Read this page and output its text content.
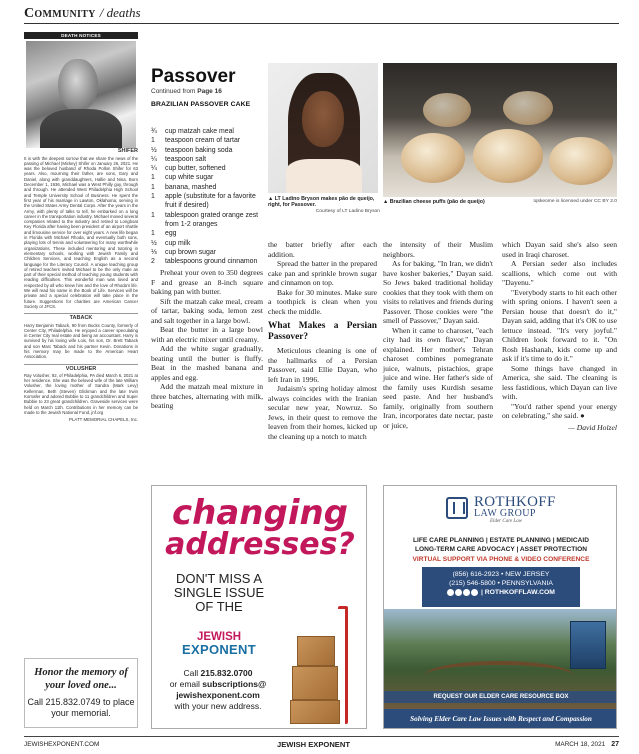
Community / deaths
DEATH NOTICES
SHIFER
It is with the deepest sorrow that we share the news of the passing of Michael (Mickey) Shifer on January 26, 2021. He was the beloved husband of Rhoda Pollon Shifer for 63 years. Also, mourning their father, are sons, Gary and Daniel, along with granddaughters, Hallie and Nina. Born December 1, 1936, Michael was a West Philly guy, through and through. He attended West Philadelphia High School and Temple University School of Business. He spent the first year of his marriage in Lawton, Oklahoma, serving in the United States Army Dental Corps. After the years in the Army, with plenty of talks to tell, he embarked on a long career in the transportation industry. Michael moved several companies related to the industry and retired to Longboat Key Florida after having been president of an airport shuttle and limousine service for over eight years. A new life began in Florida with Michael Rhoda, and eventually both sons, playing lots of tennis and volunteering for many worthwhile organizations. These included mentoring and tutoring in elementary schools, working with Jewish Family and Children Services, and teaching English as a second language for the Literacy Council. A unique teaching group of retired teachers invited Michael to be the only male as part of their special method of teaching young students with reading difficulties. This wonderful man was loved and respected by all who knew him and the love of Rhoda's life. We will read his name in the Book of Life. Services will be private and a special celebration will take place in the future. Suggestions for charities are American Cancer Society or JFCS.
TABACK
Harry Benjamin Taback, 90 from Bucks County, formerly of Center City, Philadelphia. He enjoyed a career speculating in Center City real estate and being an accountant. Harry is survived by his loving wife Lois, his son, Dr. Brett Taback and son Marc Taback and his partner Kevin. Donations in his memory may be made to the American Heart Association.
VOLUSHER
Ray Volusher, 92, of Philadelphia, PA died March 6, 2021 at her residence. She was the beloved wife of the late William Volusher, the loving mother of Sandra (Mark Levy) Kellerman, Beth (Steven) Glickman and the late Irwin Kornafer and adored Bubbie to 11 grandchildren and Super Bubbie to 23 great grandchildren. Graveside services were held on March 11th. Contributions in her memory can be made to the Jewish National Fund, jnf.org
PLATT MEMORIAL CHAPELS, Inc.
Honor the memory of your loved one...
Call 215.832.0749 to place your memorial.
Passover
Continued from Page 16
BRAZILIAN PASSOVER CAKE
¾	cup matzah cake meal
1	teaspoon cream of tartar
½	teaspoon baking soda
¼	teaspoon salt
¼	cup butter, softened
1	cup white sugar
1	banana, mashed
1	apple (substitute for a favorite fruit if desired)
1	tablespoon grated orange zest from 1-2 oranges
1	egg
½	cup milk
⅓	cup brown sugar
2	tablespoons ground cinnamon
▲ LT Ladino Bryson makes pão de queijo, right, for Passover.
Courtesy of LT Ladino Bryson
▲ Brazilian cheese puffs (pão de queijo)	Iqskeome is licensed under CC BY 2.0

Preheat your oven to 350 degrees F and grease an 8-inch square baking pan with butter.

Sift the matzah cake meal, cream of tartar, baking soda, lemon zest and salt together in a large bowl.

Beat the butter in a large bowl with an electric mixer until creamy.

Add the white sugar gradually, beating until the butter is fluffy. Beat in the mashed banana and apples and egg.

Add the matzah meal mixture in three batches, alternating with milk, beating

the batter briefly after each addition.

Spread the batter in the prepared cake pan and sprinkle brown sugar and cinnamon on top.

Bake for 30 minutes. Make sure a toothpick is clean when you check the middle.

What Makes a Persian Passover?

Meticulous cleaning is one of the hallmarks of a Persian Passover, said Ellie Dayan, who left Iran in 1996.

Judaism's spring holiday almost always coincides with the Iranian secular new year, Nowruz. So Jews, in their quest to remove the leaven from their homes, kicked up the cleaning up a notch to match

the intensity of their Muslim neighbors.

As for baking, "In Iran, we didn't have kosher bakeries," Dayan said. So Jews baked traditional holiday cookies that they took with them on visits to relatives and friends during Passover. Those cookies were "the smell of Passover," Dayan said.

When it came to charoset, "each city had its own flavor," Dayan explained. Her mother's Tehran charoset combines pomegranate juice, walnuts, pistachios, grape juice and wine. Her father's side of the family uses Kurdish sesame seed paste. And her husband's family, originally from southern Iran, incorporates date nectar, paste or juice,

which Dayan said she's also seen used in Iraqi charoset.

A Persian seder also includes scallions, which come out with "Dayenu."

"Everybody starts to hit each other with spring onions. I haven't seen a Persian house that doesn't do it," Dayan said, adding that it's OK to use lettuce instead. "It's very joyful." Children look forward to it. "On Rosh Hashanah, kids come up and ask if it's time to do it."

Some things have changed in America, she said. The cleaning is less fastidious, which Dayan can live with.

"You'd rather spend your energy on celebrating," she said. ●

— David Holzel
changing
addresses?
DON'T MISS A SINGLE ISSUE OF THE
JEWISH
EXPONENT
Call 215.832.0700
or email subscriptions@ jewishexponent.com
with your new address.
ROTHKOFF
LAW GROUP
Elder Care Law
LIFE CARE PLANNING | ESTATE PLANNING | MEDICAID
LONG-TERM CARE ADVOCACY | ASSET PROTECTION
VIRTUAL SUPPORT VIA PHONE & VIDEO CONFERENCE
(856) 616-2923 • NEW JERSEY
(215) 546-5800 • PENNSYLVANIA
| ROTHKOFFLAW.COM
REQUEST OUR ELDER CARE RESOURCE BOX
Solving Elder Care Law Issues with Respect and Compassion
JEWISHEXPONENT.COM	JEWISH EXPONENT	MARCH 18, 2021 27
